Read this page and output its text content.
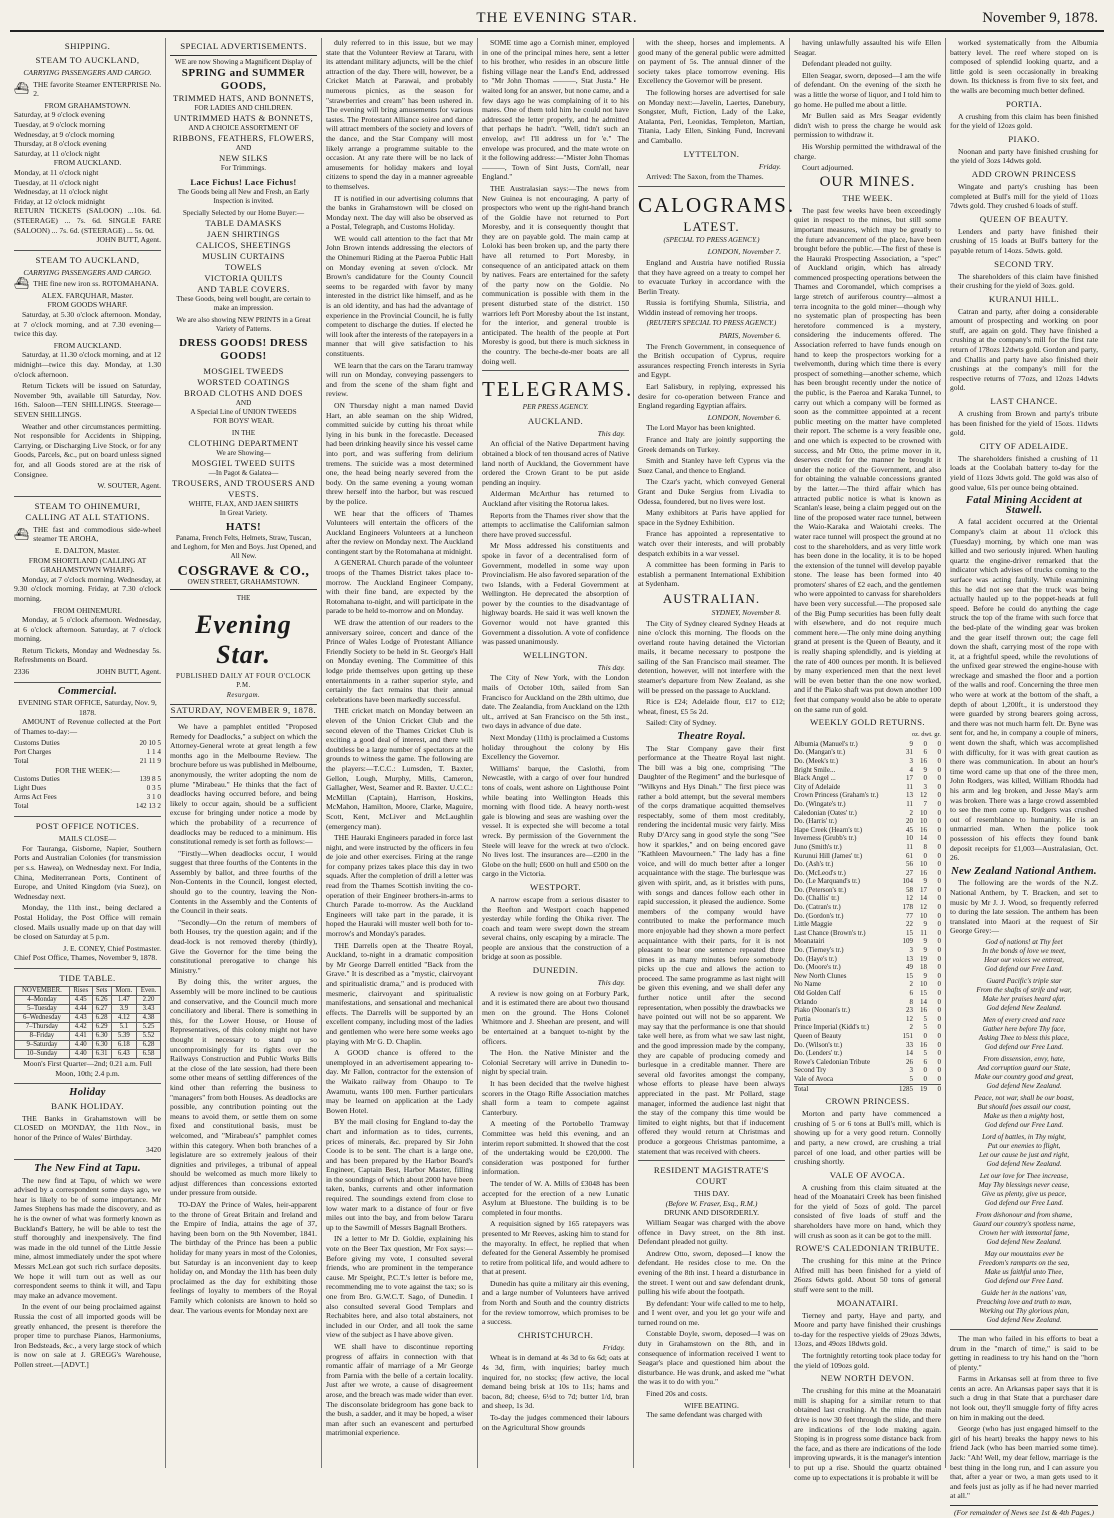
THE EVENING STAR.	November 9, 1878.
SHIPPING.
STEAM TO AUCKLAND,
CARRYING PASSENGERS AND CARGO.
⛴ THE favorite Steamer ENTERPRISE No. 2.
FROM GRAHAMSTOWN.
Saturday, at 9 o'clock evening
Tuesday, at 9 o'clock morning
Wednesday, at 9 o'clock morning
Thursday, at 8 o'clock evening
Saturday, at 11 o'clock night
FROM AUCKLAND.
Monday, at 11 o'clock night
Tuesday, at 11 o'clock night
Wednesday, at 11 o'clock night
Friday, at 12 o'clock midnight
RETURN TICKETS (SALOON) ...10s. 6d. (STEERAGE) ... 7s. 6d. SINGLE FARE (SALOON) ... 7s. 6d. (STEERAGE) ... 5s. 0d.
JOHN BUTT, Agent.
STEAM TO AUCKLAND,
CARRYING PASSENGERS AND CARGO.
⛴ THE fine new iron ss. ROTOMAHANA.
ALEX. FARQUHAR, Master.
FROM GOODS WHARF.

Saturday, at 5.30 o'clock afternoon. Monday, at 7 o'clock morning, and at 7.30 evening—twice this day.

FROM AUCKLAND.

Saturday, at 11.30 o'clock morning, and at 12 midnight—twice this day. Monday, at 1.30 o'clock afternoon.

Return Tickets will be issued on Saturday, November 9th, available till Saturday, Nov. 16th. Saloon—TEN SHILLINGS. Steerage—SEVEN SHILLINGS.

Weather and other circumstances permitting. Not responsible for Accidents in Shipping, Carrying, or Discharging Live Stock, or for any Goods, Parcels, &c., put on board unless signed for, and all Goods stored are at the risk of Consignee.

W. SOUTER, Agent.
STEAM TO OHINEMURI, CALLING AT ALL STATIONS.
⛴ THE fast and commodious side-wheel steamer TE AROHA,
E. DALTON, Master.
FROM SHORTLAND (CALLING AT GRAHAMSTOWN WHARF).

Monday, at 7 o'clock morning. Wednesday, at 9.30 o'clock morning. Friday, at 7.30 o'clock morning.

FROM OHINEMURI.

Monday, at 5 o'clock afternoon. Wednesday, at 6 o'clock afternoon. Saturday, at 7 o'clock morning.

Return Tickets, Monday and Wednesday 5s. Refreshments on Board.

2336	JOHN BUTT, Agent.
Commercial.
EVENING STAR OFFICE, Saturday, Nov. 9, 1878.

AMOUNT of Revenue collected at the Port of Thames to-day:—

Customs Duties	20 10 5
Port Charges	1 1 4
Total	21 11 9
FOR THE WEEK:—
Customs Duties	139 8 5
Light Dues	0 3 5
Arms Act Fees	3 1 0
Total	142 13 2
POST OFFICE NOTICES.
MAILS CLOSE—

For Tauranga, Gisborne, Napier, Southern Ports and Australian Colonies (for transmission per s.s. Hawea), on Wednesday next. For India, China, Mediterranean Ports, Continent of Europe, and United Kingdom (via Suez), on Wednesday next.

Monday, the 11th inst., being declared a Postal Holiday, the Post Office will remain closed. Mails usually made up on that day will be closed on Saturday at 5 p.m.

J. E. CONEY, Chief Postmaster.
Chief Post Office, Thames, November 9, 1878.
TIDE TABLE.
NOVEMBER.	Rises	Sets	Morn.	Even.
4–Monday	4.45	6.26	1.47	2.20
5–Tuesday	4.44	6.27	3.9	3.43
6–Wednesday	4.43	6.28	4.12	4.38
7–Thursday	4.42	6.29	5.1	5.25
8–Friday	4.41	6.30	5.39	5.52
9–Saturday	4.40	6.30	6.18	6.28
10–Sunday	4.40	6.31	6.43	6.58
Moon's First Quarter—2nd; 0.21 a.m. Full Moon, 10th; 2.4 p.m.
Holiday
BANK HOLIDAY.

THE Banks in Grahamstown will be CLOSED on MONDAY, the 11th Nov., in honor of the Prince of Wales' Birthday.

3420
The New Find at Tapu.

The new find at Tapu, of which we were advised by a correspondent some days ago, we hear is likely to be of some importance. Mr James Stephens has made the discovery, and as he is the owner of what was formerly known as Buckland's Battery, he will be able to test the stuff thoroughly and inexpensively. The find was made in the old tunnel of the Little Jessie mine, almost immediately under the spot where Messrs McLean got such rich surface deposits. We hope it will turn out as well as our correspondent seems to think it will, and Tapu may make an advance movement.

In the event of our being proclaimed against Russia the cost of all imported goods will be greatly enhanced, the present is therefore the proper time to purchase Pianos, Harmoniums, Iron Bedsteads, &c., a very large stock of which is now on sale at J. GREGG's Warehouse, Pollen street.—[ADVT.]

SPECIAL ADVERTISEMENTS.
WE are now Showing a Magnificent Display of
SPRING and SUMMER GOODS,
TRIMMED HATS, AND BONNETS,
FOR LADIES AND CHILDREN.
UNTRIMMED HATS & BONNETS,
AND A CHOICE ASSORTMENT OF
RIBBONS, FEATHERS, FLOWERS,
AND
NEW SILKS
For Trimmings.
Lace Fichus! Lace Fichus!
The Goods being all New and Fresh, an Early Inspection is invited.
Specially Selected by our Home Buyer:—
TABLE DAMASKS
JAEN SHIRTINGS
CALICOS, SHEETINGS
MUSLIN CURTAINS
TOWELS
VICTORIA QUILTS
AND TABLE COVERS.
These Goods, being well bought, are certain to make an impression.
We are also showing NEW PRINTS in a Great Variety of Patterns.
DRESS GOODS! DRESS GOODS!
MOSGIEL TWEEDS
WORSTED COATINGS
BROAD CLOTHS AND DOES
AND
A Special Line of UNION TWEEDS
FOR BOYS' WEAR.
IN THE
CLOTHING DEPARTMENT
We are Showing—
MOSGIEL TWEED SUITS
—In Pagot & Galatea—
TROUSERS, AND TROUSERS AND VESTS.
WHITE, FLAX, AND JAEN SHIRTS
In Great Variety.
HATS!
Panama, French Felts, Helmets, Straw, Tuscan, and Leghorn, for Men and Boys. Just Opened, and All New.
COSGRAVE & CO.,
OWEN STREET, GRAHAMSTOWN.
THE
Evening Star.
PUBLISHED DAILY AT FOUR O'CLOCK P.M.
Resurgam.
SATURDAY, NOVEMBER 9, 1878.

We have a pamphlet entitled "Proposed Remedy for Deadlocks," a subject on which the Attorney-General wrote at great length a few months ago in the Melbourne Review. The brochure before us was published in Melbourne, anonymously, the writer adopting the nom de plume "Mirabeau." He thinks that the fact of deadlocks having occurred before, and being likely to occur again, should be a sufficient excuse for bringing under notice a mode by which the probability of a recurrence of deadlocks may be reduced to a minimum. His constitutional remedy is set forth as follows:—

"Firstly—When deadlocks occur, I would suggest that three fourths of the Contents in the Assembly by ballot, and three fourths of the Non-Contents in the Council, longest elected, should go to the country, leaving the Non-Contents in the Assembly and the Contents of the Council in their seats.

"Secondly—On the return of members of both Houses, try the question again; and if the dead-lock is not removed thereby (thirdly), Give the Governor for the time being the constitutional prerogative to change his Ministry."

By doing this, the writer argues, the Assembly will be more inclined to be cautious and conservative, and the Council much more conciliatory and liberal. There is something in this, for the Lower House, or House of Representatives, of this colony might not have thought it necessary to stand up so uncompromisingly for its rights over the Railways Construction and Public Works Bills at the close of the late session, had there been some other means of settling differences of the kind other than referring the business to "managers" from both Houses. As deadlocks are possible, any contribution pointing out the means to avoid them, or settle them on some fixed and constitutional basis, must be welcomed, and "Mirabeau's" pamphlet comes within this category. When both branches of a legislature are so extremely jealous of their dignities and privileges, a tribunal of appeal should be welcomed as much more likely to adjust differences than concessions extorted under pressure from outside.

TO-DAY the Prince of Wales, heir-apparent to the throne of Great Britain and Ireland and the Empire of India, attains the age of 37, having been born on the 9th November, 1841. The birthday of the Prince has been a public holiday for many years in most of the Colonies, but Saturday is an inconvenient day to keep holiday on, and Monday the 11th has been duly proclaimed as the day for exhibiting those feelings of loyalty to members of the Royal Family which colonists are known to hold so dear. The various events for Monday next are

duly referred to in this issue, but we may state that the Volunteer Review at Tararu, with its attendant military adjuncts, will be the chief attraction of the day. There will, however, be a Cricket Match at Parawai, and probably numerous picnics, as the season for "strawberries and cream" has been ushered in. The evening will bring amusements for various tastes. The Protestant Alliance soiree and dance will attract members of the society and lovers of the dance, and the Star Company will most likely arrange a programme suitable to the occasion. At any rate there will be no lack of amusements for holiday makers and loyal citizens to spend the day in a manner agreeable to themselves.

IT is notified in our advertising columns that the banks in Grahamstown will be closed on Monday next. The day will also be observed as a Postal, Telegraph, and Customs Holiday.

WE would call attention to the fact that Mr John Brown intends addressing the electors of the Ohinemuri Riding at the Paeroa Public Hall on Monday evening at seven o'clock. Mr Brown's candidature for the County Council seems to be regarded with favor by many interested in the district like himself, and as he is an old identity, and has had the advantage of experience in the Provincial Council, he is fully competent to discharge the duties. If elected he will look after the interests of the ratepayers in a manner that will give satisfaction to his constituents.

WE learn that the cars on the Tararu tramway will run on Monday, conveying passengers to and from the scene of the sham fight and review.

ON Thursday night a man named David Hart, an able seaman on the ship Widred, committed suicide by cutting his throat while lying in his bunk in the forecastle. Deceased had been drinking heavily since his vessel came into port, and was suffering from delirium tremens. The suicide was a most determined one, the head being nearly severed from the body. On the same evening a young woman threw herself into the harbor, but was rescued by the police.

WE hear that the officers of Thames Volunteers will entertain the officers of the Auckland Engineers Volunteers at a luncheon after the review on Monday next. The Auckland contingent start by the Rotomahana at midnight.

A GENERAL Church parade of the volunteer troops of the Thames District takes place to-morrow. The Auckland Engineer Company, with their fine band, are expected by the Rotomahana to-night, and will participate in the parade to be held to-morrow and on Monday.

WE draw the attention of our readers to the anniversary soiree, concert and dance of the Prince of Wales Lodge of Protestant Alliance Friendly Society to be held in St. George's Hall on Monday evening. The Committee of this lodge pride themselves upon getting up these entertainments in a rather superior style, and certainly the fact remains that their annual celebrations have been markedly successful.

THE cricket match on Monday between an eleven of the Union Cricket Club and the second eleven of the Thames Cricket Club is exciting a good deal of interest, and there will doubtless be a large number of spectators at the grounds to witness the game. The following are the players:—T.C.C.: Lumsden, T. Baxter, Gellon, Lough, Murphy, Mills, Cameron, Gallagher, West, Seamer and R. Baxter. U.C.C.: McMillan (Captain), Harrison, Hoskins, McMahon, Hamilton, Moore, Clarke, Maguire, Scott, Kent, McLiver and McLaughlin (emergency man).

THE Hauraki Engineers paraded in force last night, and were instructed by the officers in feu de joie and other exercises. Firing at the range for company prizes takes place this day in two squads. After the completion of drill a letter was read from the Thames Scottish inviting the co-operation of their Engineer brothers-in-arms to Church Parade to-morrow. As the Auckland Engineers will take part in the parade, it is hoped the Hauraki will muster well both for to-morrow's and Monday's parades.

THE Darrells open at the Theatre Royal, Auckland, to-night in a dramatic composition by Mr George Darrell entitled "Back from the Grave." It is described as a "mystic, clairvoyant and spiritualistic drama," and is produced with mesmeric, clairvoyant and spiritualistic manifestations, and sensational and mechanical effects. The Darrells will be supported by an excellent company, including most of the ladies and gentlemen who were here some weeks ago playing with Mr G. D. Chaplin.

A GOOD chance is offered to the unemployed in an advertisement appearing to-day. Mr Fallon, contractor for the extension of the Waikato railway from Ohaupo to Te Awamutu, wants 100 men. Further particulars may be learned on application at the Lady Bowen Hotel.

BY the mail closing for England to-day the chart and information as to tides, currents, prices of minerals, &c. prepared by Sir John Coode is to be sent. The chart is a large one, and has been prepared by the Harbor Board's Engineer, Captain Best, Harbor Master, filling in the soundings of which about 2000 have been taken, banks, currents and other information required. The soundings extend from close to low water mark to a distance of four or five miles out into the bay, and from below Tararu up to the Sawmill of Messrs Bagnall Brothers.

IN a letter to Mr D. Goldie, explaining his vote on the Beer Tax question, Mr Fox says:—Before giving my vote, I consulted several friends, who are prominent in the temperance cause. Mr Speight, P.C.T.'s letter is before me, recommending me to vote against the tax; so is one from Bro. G.W.C.T. Sago, of Dunedin. I also consulted several Good Templars and Rechabites here, and also total abstainers, not included in our Order, and all took the same view of the subject as I have above given.

WE shall have to discontinue reporting progress of affairs in connection with that romantic affair of marriage of a Mr George from Parnia with the belle of a certain locality. Just after we wrote, a cause of disagreement arose, and the breach was made wider than ever. The disconsolate bridegroom has gone back to the bush, a sadder, and it may be hoped, a wiser man after such an evanescent and perturbed matrimonial experience.

SOME time ago a Cornish miner, employed in one of the principal mines here, sent a letter to his brother, who resides in an obscure little fishing village near the Land's End, addressed to "Mr John Thomas ———, Stat Justa." He waited long for an answer, but none came, and a few days ago he was complaining of it to his mates. One of them told him he could not have addressed the letter properly, and he admitted that perhaps he hadn't. "Well, tidn't such an envelop, aw! I'll address un for 'e." The envelope was procured, and the mate wrote on it the following address:—"Mister John Thomas ———, Town of Sint Justs, Corn'all, near England."

THE Australasian says:—The news from New Guinea is not encouraging. A party of prospectors who went up the right-hand branch of the Goldie have not returned to Port Moresby, and it is consequently thought that they are on payable gold. The main camp at Loloki has been broken up, and the party there have all returned to Port Moresby, in consequence of an anticipated attack on them by natives. Fears are entertained for the safety of the party now on the Goldie. No communication is possible with them in the present disturbed state of the district. 150 warriors left Port Moresby about the 1st instant, for the interior, and general trouble is anticipated. The health of the people at Port Moresby is good, but there is much sickness in the country. The beche-de-mer boats are all doing well.

TELEGRAMS.
PER PRESS AGENCY.
AUCKLAND.
This day.

An official of the Native Department having obtained a block of ten thousand acres of Native land north of Auckland, the Government have ordered the Crown Grant to be put aside pending an inquiry.

Alderman McArthur has returned to Auckland after visiting the Rotorua lakes.

Reports from the Thames river show that the attempts to acclimatise the Californian salmon there have proved successful.

Mr Moss addressed his constituents and spoke in favor of a decentralised form of Government, modelled in some way upon Provincialism. He also favored separation of the two Islands, with a Federal Government at Wellington. He deprecated the absorption of power by the counties to the disadvantage of highway boards. He said it was well known the Governor would not have granted this Government a dissolution. A vote of confidence was passed unanimously.

WELLINGTON.
This day.

The City of New York, with the London mails of October 10th, sailed from San Francisco for Auckland on the 28th ultimo, due date. The Zealandia, from Auckland on the 12th ult., arrived at San Francisco on the 5th inst., two days in advance of due date.

Next Monday (11th) is proclaimed a Customs holiday throughout the colony by His Excellency the Governor.

Williams' barque, the Caslothi, from Newcastle, with a cargo of over four hundred tons of coals, went ashore on Lighthouse Point while beating into Wellington Heads this morning with flood tide. A heavy north-west gale is blowing and seas are washing over the vessel. It is expected she will become a total wreck. By permission of the Government the Steele will leave for the wreck at two o'clock. No lives lost. The insurances are—£200 in the Globe on the hull; £600 on hull and £500 on the cargo in the Victoria.

WESTPORT.

A narrow escape from a serious disaster to the Reefton and Westport coach happened yesterday while fording the Ohika river. The coach and team were swept down the stream several chains, only escaping by a miracle. The people are anxious that the construction of a bridge at soon as possible.

DUNEDIN.
This day.

A review is now going on at Forbury Park, and it is estimated there are about two thousand men on the ground. The Hons Colonel Whitmore and J. Sheehan are present, and will be entertained at a banquet to-night by the officers.

The Hon. the Native Minister and the Colonial Secretary will arrive in Dunedin to-night by special train.

It has been decided that the twelve highest scorers in the Otago Rifle Association matches shall form a team to compete against Canterbury.

A meeting of the Portobello Tramway Committee was held this evening, and an interim report submitted. It showed that the cost of the undertaking would be £20,000. The consideration was postponed for further information.

The tender of W. A. Mills of £3048 has been accepted for the erection of a new Lunatic Asylum at Bluestone. The building is to be completed in four months.

A requisition signed by 165 ratepayers was presented to Mr Reeves, asking him to stand for the mayoralty. In effect, he replied that when defeated for the General Assembly he promised to retire from political life, and would adhere to that at present.

Dunedin has quite a military air this evening, and a large number of Volunteers have arrived from North and South and the country districts for the review tomorrow, which promises to be a success.

CHRISTCHURCH.
Friday.

Wheat is in demand at 4s 3d to 6s 6d; oats at 4s 3d, firm, with inquiries; barley much inquired for, no stocks; (few active, the local demand being brisk at 10s to 11s; hams and bacon, 8d; cheese, 6½d to 7d; butter 1/d, bran and sheep, 1s 3d.

To-day the judges commenced their labours on the Agricultural Show grounds

with the sheep, horses and implements. A good many of the general public were admitted on payment of 5s. The annual dinner of the society takes place tomorrow evening. His Excellency the Governor will be present.

The following horses are advertised for sale on Monday next:—Javelin, Laertes, Danebury, Songster, Muft, Fiction, Lady of the Lake, Atalanta, Peri, Leonidas, Templeton, Martian, Titania, Lady Ellen, Sinking Fund, Increvani and Camballo.

LYTTELTON.
Friday.

Arrived: The Saxon, from the Thames.

CALOGRAMS.
LATEST.
(SPECIAL TO PRESS AGENCY.)
LONDON, November 7.

England and Austria have notified Russia that they have agreed on a treaty to compel her to evacuate Turkey in accordance with the Berlin Treaty.

Russia is fortifying Shumla, Silistria, and Widdin instead of removing her troops.

(REUTER'S SPECIAL TO PRESS AGENCY.)
PARIS, November 6.

The French Government, in consequence of the British occupation of Cyprus, require assurances respecting French interests in Syria and Egypt.

Earl Salisbury, in replying, expressed his desire for co-operation between France and England regarding Egyptian affairs.

LONDON, November 6.

The Lord Mayor has been knighted.

France and Italy are jointly supporting the Greek demands on Turkey.

Smith and Stanley have left Cyprus via the Suez Canal, and thence to England.

The Czar's yacht, which conveyed General Grant and Duke Sergius from Livadia to Odessa, foundered, but no lives were lost.

Many exhibitors at Paris have applied for space in the Sydney Exhibition.

France has appointed a representative to watch over their interests, and will probably despatch exhibits in a war vessel.

A committee has been forming in Paris to establish a permanent International Exhibition at Sydenham.

AUSTRALIAN.
SYDNEY, November 8.

The City of Sydney cleared Sydney Heads at nine o'clock this morning. The floods on the overland route having detained the Victorian mails, it became necessary to postpone the sailing of the San Francisco mail steamer. The detention, however, will not interfere with the steamer's departure from New Zealand, as she will be pressed on the passage to Auckland.

Rice is £24; Adelaide flour, £17 to £12; wheat, finest, £5 5s 2d.

Sailed: City of Sydney.

Theatre Royal.

The Star Company gave their first performance at the Theatre Royal last night. The bill was a big one, comprising "The Daughter of the Regiment" and the burlesque of "Wilkyns and Hys Dinah." The first piece was rather a bold attempt, but the several members of the corps dramatique acquitted themselves respectably, some of them most creditably, rendering the incidental music very fairly. Miss Ruby D'Arcy sang in good style the song "See how it sparkles," and on being encored gave "Kathleen Mavourneen." The lady has a fine voice, and will do much better after a longer acquaintance with the stage. The burlesque was given with spirit, and, as it bristles with puns, with songs and dances follow each other in rapid succession, it pleased the audience. Some members of the company would have contributed to make the performance much more enjoyable had they shown a more perfect acquaintance with their parts, for it is not pleasant to hear one sentence repeated three times in as many minutes before somebody picks up the cue and allows the action to proceed. The same programme as last night will be given this evening, and we shall defer any further notice until after the second representation, when possibly the drawbacks we have pointed out will not be so apparent. We may say that the performance is one that should take well here, as from what we saw last night, and the good impression made by the company, they are capable of producing comedy and burlesque in a creditable manner. There are several old favorites amongst the company, whose efforts to please have been always appreciated in the past. Mr Pollard, stage manager, informed the audience last night that the stay of the company this time would be limited to eight nights, but that if inducement offered they would return at Christmas and produce a gorgeous Christmas pantomime, a statement that was received with cheers.

RESIDENT MAGISTRATE'S COURT
THIS DAY.
(Before W. Fraser, Esq., R.M.)
DRUNK AND DISORDERLY.

William Seagar was charged with the above offence in Davy street, on the 8th inst. Defendant pleaded not guilty.

Andrew Otto, sworn, deposed—I know the defendant. He resides close to me. On the evening of the 8th inst. I heard a disturbance in the street. I went out and saw defendant drunk, pulling his wife about the footpath.

By defendant: Your wife called to me to help, and I went over, and you let go your wife and turned round on me.

Constable Doyle, sworn, deposed—I was on duty in Grahamstown on the 8th, and in consequence of information received I went to Seagar's place and questioned him about the disturbance. He was drunk, and asked me "what the was it to do with you."

Fined 20s and costs.

WIFE BEATING.

The same defendant was charged with

having unlawfully assaulted his wife Ellen Seagar.

Defendant pleaded not guilty.

Ellen Seagar, sworn, deposed—I am the wife of defendant. On the evening of the sixth he was a little the worse of liquor, and I told him to go home. He pulled me about a little.

Mr Bullen said as Mrs Seagar evidently didn't wish to press the charge he would ask permission to withdraw it.

His Worship permitted the withdrawal of the charge.

Court adjourned.

OUR MINES.
THE WEEK.

The past few weeks have been exceedingly quiet in respect to the mines, but still some important measures, which may be greatly to the future advancement of the place, have been brought before the public.—The first of these is the Hauraki Prospecting Association, a "spec" of Auckland origin, which has already commenced prospecting operations between the Thames and Coromandel, which comprises a large stretch of auriferous country—almost a terra incognita to the gold miner—though why no systematic plan of prospecting has been heretofore commenced is a mystery, considering the inducements offered. The Association referred to have funds enough on hand to keep the prospectors working for a twelvemonth, during which time there is every prospect of something—another scheme, which has been brought recently under the notice of the public, is the Paeroa and Karaka Tunnel, to carry out which a company will be formed as soon as the committee appointed at a recent public meeting on the matter have completed their report. The scheme is a very feasible one, and one which is expected to be crowned with success, and Mr Otto, the prime mover in it, deserves credit for the manner he brought it under the notice of the Government, and also for obtaining the valuable concessions granted by the latter.—The third affair which has attracted public notice is what is known as Scanlan's lease, being a claim pegged out on the line of the proposed water race tunnel, between the Waio-Karaka and Waiotahi creeks. The water race tunnel will prospect the ground at no cost to the shareholders, and as very little work has been done in the locality, it is to be hoped the extension of the tunnel will develop payable stone. The lease has been formed into 40 promoters' shares of £2 each, and the gentlemen who were appointed to canvass for shareholders have been very successful.—The proposed sale of the Big Pump securities has been fully dealt with elsewhere, and do not require much comment here.—The only mine doing anything grand at present is the Queen of Beauty, and it is really shaping splendidly, and is yielding at the rate of 400 ounces per month. It is believed by many experienced men that the next level will be even better than the one now worked, and if the Piako shaft was put down another 100 feet that company would also be able to operate on the same run of gold.

WEEKLY GOLD RETURNS.
oz. dwt. gr.
Albumia (Manuel's tr.)	9	0	0
Do. (Mangan's tr.)	31	6	0
Do. (Meek's tr.)	3	16	0
Bright Smile...	4	9	0
Black Angel ...	17	0	0
City of Adelaide	11	3	0
Crown Princess (Graham's tr.)	13	12	0
Do. (Wingate's tr.)	11	7	0
Caledonian (Oates' tr.)	2	10	0
Do. (Harris' tr.)	20	10	0
Hape Creek (Hearn's tr.)	45	16	0
Inverness (Grubb's tr.)	10	14	0
Juno (Smith's tr.)	11	8	0
Kurunui Hill (James' tr.)	61	0	0
Do. (Ash's tr.)	56	10	0
Do. (McLeod's tr.)	27	16	0
Do. (Le Marquand's tr.)	104	9	0
Do. (Peterson's tr.)	58	17	0
Do. (Challis' tr.)	12	14	0
Do. (Catran's tr.)	178	12	0
Do. (Gordon's tr.)	77	10	0
Little Maggie	22	9	0
Last Chance (Brown's tr.)	15	11	0
Moanatairi	109	9	0
Do. (Tierney's tr.)	3	9	0
Do. (Haye's tr.)	13	19	0
Do. (Moore's tr.)	49	18	0
New North Clunes	15	9	0
No Name	2	10	0
Old Golden Calf	6	15	0
Orlando	8	14	0
Piako (Noonan's tr.)	23	16	0
Portia	12	5	0
Prince Imperial (Kidd's tr.)	2	5	0
Queen of Beauty	151	0	0
Do. (Wilson's tr.)	33	16	0
Do. (Lenders' tr.)	14	5	0
Rowe's Caledonian Tribute	26	6	0
Second Try	3	0	0
Vale of Avoca	5	0	0
Total	1285	19	0
CROWN PRINCESS.

Morton and party have commenced a crushing of 5 or 6 tons at Bull's mill, which is showing up for a very good return. Connolly and party, a new crowd, are crushing a trial parcel of one load, and other parties will be crushing shortly.

VALE OF AVOCA.

A crushing from this claim situated at the head of the Moanatairi Creek has been finished for the yield of 5ozs of gold. The parcel consisted of five loads of stuff and the shareholders have more on hand, which they will crush as soon as it can be got to the mill.

ROWE'S CALEDONIAN TRIBUTE.

The crushing for this mine at the Prince Alfred mill has been finished for a yield of 26ozs 6dwts gold. About 50 tons of general stuff were sent to the mill.

MOANATAIRI.

Tierney and party, Haye and party, and Moore and party have finished their crushings to-day for the respective yields of 29ozs 3dwts, 13ozs, and 49ozs 18dwts gold.

The fortnightly retorting took place today for the yield of 109ozs gold.

NEW NORTH DEVON.

The crushing for this mine at the Moanatairi mill is shaping for a similar return to that obtained last crushing. At the mine the main drive is now 30 feet through the slide, and there are indications of the lode making again. Stoping is in progress some distance back from the face, and as there are indications of the lode improving upwards, it is the manager's intention to put up a rise. Should the quartz obtained come up to expectations it is probable it will be

worked systematically from the Albumia battery level. The reef where stoped on is composed of splendid looking quartz, and a little gold is seen occasionally in breaking down. Its thickness is from five to six feet, and the walls are becoming much better defined.

PORTIA.

A crushing from this claim has been finished for the yield of 12ozs gold.

PIAKO.

Noonan and party have finished crushing for the yield of 3ozs 14dwts gold.

ADD CROWN PRINCESS

Wingate and party's crushing has been completed at Bull's mill for the yield of 11ozs 7dwts gold. They crushed 6 loads of stuff.

QUEEN OF BEAUTY.

Lenders and party have finished their crushing of 15 loads at Bull's battery for the payable return of 14ozs. 5dwts. gold.

SECOND TRY.

The shareholders of this claim have finished their crushing for the yield of 3ozs. gold.

KURANUI HILL.

Catran and party, after doing a considerable amount of prospecting and working on poor stuff, are again on gold. They have finished a crushing at the company's mill for the first rate return of 178ozs 12dwts gold. Gordon and party, and Challis and party have also finished their crushings at the company's mill for the respective returns of 77ozs, and 12ozs 14dwts gold.

LAST CHANCE.

A crushing from Brown and party's tribute has been finished for the yield of 15ozs. 11dwts gold.

CITY OF ADELAIDE.

The shareholders finished a crushing of 11 loads at the Coolabah battery to-day for the yield of 11ozs 3dwts gold. The gold was also of good value, 61s per ounce being obtained.

Fatal Mining Accident at Stawell.

A fatal accident occurred at the Oriental Company's claim at about 11 o'clock this (Tuesday) morning, by which one man was killed and two seriously injured. When hauling quartz the engine-driver remarked that the indicator which advises of trucks coming to the surface was acting faultily. While examining this he did not see that the truck was being actually hauled up to the poppet-heads at full speed. Before he could do anything the cage struck the top of the frame with such force that the bed-plate of the winding gear was broken and the gear itself thrown out; the cage fell down the shaft, carrying most of the rope with it, at a frightful speed, while the revolutions of the unfixed gear strewed the engine-house with wreckage and smashed the floor and a portion of the walls and roof. Concerning the three men who were at work at the bottom of the shaft, a depth of about 1,200ft., it is understood they were guarded by strong bearers going across, and there was not much harm felt. Dr. Byne was sent for, and he, in company a couple of miners, went down the shaft, which was accomplished with difficulty, for it was with great caution as there was communication. In about an hour's time word came up that one of the three men, John Rodgers, was killed, William Rhodda had his arm and leg broken, and Jesse May's arm was broken. There was a large crowd assembled to see the men come up. Rodgers was crushed out of resemblance to humanity. He is an unmarried man. When the police took possession of his effects they found bank deposit receipts for £1,003—Australasian, Oct. 26.

New Zealand National Anthem.

The following are the words of the N.Z. National Anthem, by T. Bracken, and set to music by Mr J. J. Wood, so frequently referred to during the late session. The anthem has been translated into Maori at the request of Sir George Grey:—

God of nations! at Thy feet
In the bonds of love we meet,
Hear our voices we entreat,
God defend our Free Land.
Guard Pacific's triple star
From the shafts of strife and war,
Make her praises heard afar,
God defend New Zealand.
Men of every creed and race
Gather here before Thy face,
Asking Thee to bless this place,
God defend our Free Land.
From dissension, envy, hate,
And corruption guard our State,
Make our country good and great,
God defend New Zealand.
Peace, not war, shall be our boast,
But should foes assail our coast,
Make us then a mighty host,
God defend our Free Land.
Lord of battles, in Thy might,
Put our enemies to flight,
Let our cause be just and right,
God defend New Zealand.
Let our love for Thee increase,
May Thy blessings never cease,
Give us plenty, give us peace,
God defend our Free Land.
From dishonour and from shame,
Guard our country's spotless name,
Crown her with immortal fame,
God defend New Zealand.
May our mountains ever be
Freedom's ramparts on the sea,
Make us faithful unto Thee,
God defend our Free Land.
Guide her in the nations' van,
Preaching love and truth to man,
Working out Thy glorious plan,
God defend New Zealand.

The man who failed in his efforts to beat a drum in the "march of time," is said to be getting in readiness to try his hand on the "horn of plenty."

Farms in Arkansas sell at from three to five cents an acre. An Arkansas paper says that it is such a drug in that State that a purchaser dare not look out, they'll smuggle forty of fifty acres on him in making out the deed.

George (who has just engaged himself to the girl of his heart) breaks the happy news to his friend Jack (who has been married some time). Jack: "Ah! Well, my dear fellow, marriage is the best thing in the long run, and I can assure you that, after a year or two, a man gets used to it and feels just as jolly as if he had never married at all."

(For remainder of News see 1st & 4th Pages.)
